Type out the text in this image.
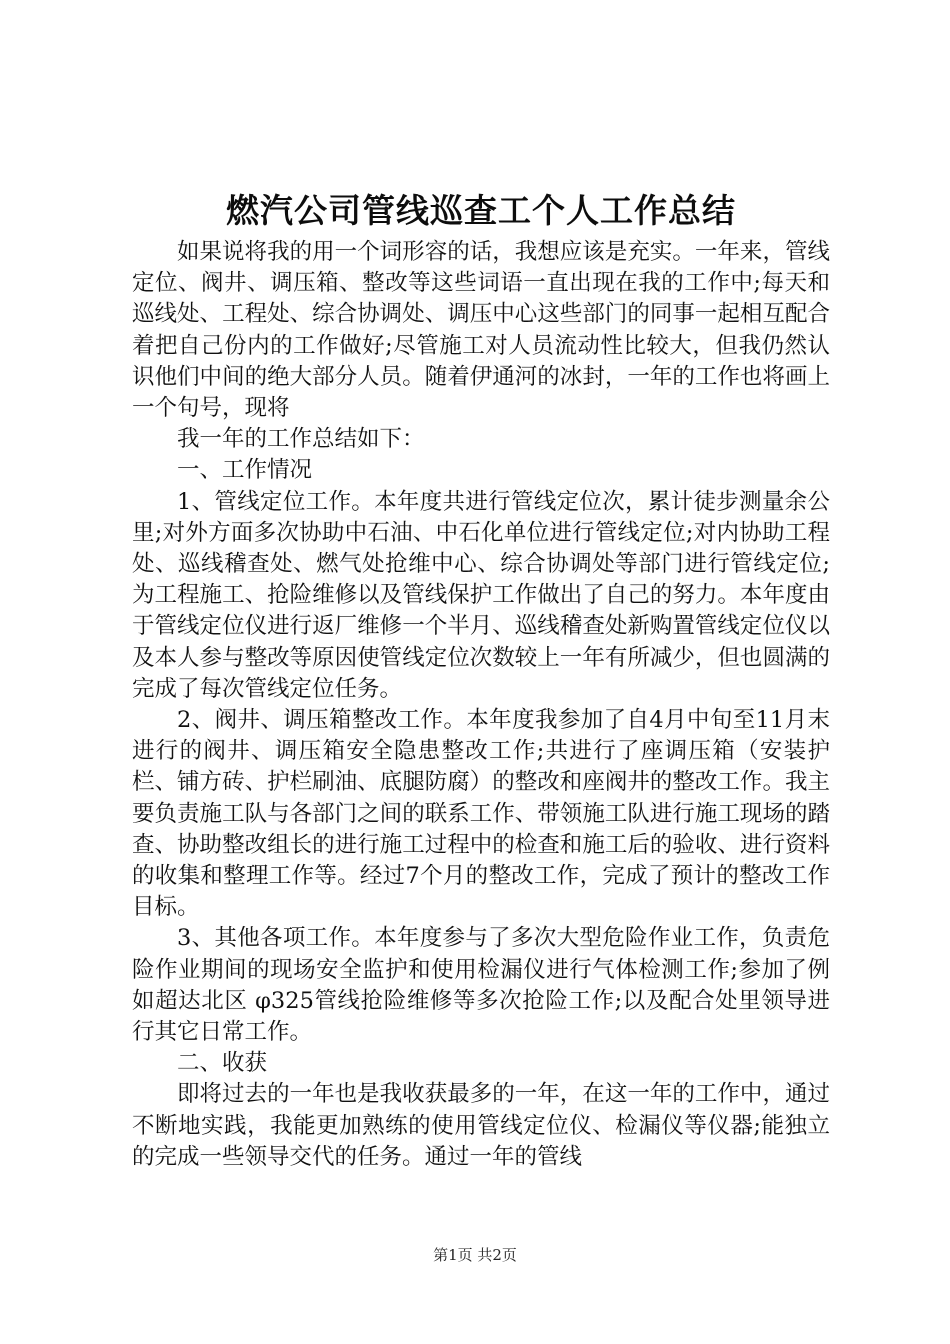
燃汽公司管线巡查工个人工作总结

如果说将我的用一个词形容的话，我想应该是充实。一年来，管线定位、阀井、调压箱、整改等这些词语一直出现在我的工作中;每天和巡线处、工程处、综合协调处、调压中心这些部门的同事一起相互配合着把自己份内的工作做好;尽管施工对人员流动性比较大，但我仍然认识他们中间的绝大部分人员。随着伊通河的冰封，一年的工作也将画上一个句号，现将

我一年的工作总结如下：

一、工作情况

1、管线定位工作。本年度共进行管线定位次，累计徒步测量余公里;对外方面多次协助中石油、中石化单位进行管线定位;对内协助工程处、巡线稽查处、燃气处抢维中心、综合协调处等部门进行管线定位;为工程施工、抢险维修以及管线保护工作做出了自己的努力。本年度由于管线定位仪进行返厂维修一个半月、巡线稽查处新购置管线定位仪以及本人参与整改等原因使管线定位次数较上一年有所减少，但也圆满的完成了每次管线定位任务。

2、阀井、调压箱整改工作。本年度我参加了自4月中旬至11月末进行的阀井、调压箱安全隐患整改工作;共进行了座调压箱（安装护栏、铺方砖、护栏刷油、底腿防腐）的整改和座阀井的整改工作。我主要负责施工队与各部门之间的联系工作、带领施工队进行施工现场的踏查、协助整改组长的进行施工过程中的检查和施工后的验收、进行资料的收集和整理工作等。经过7个月的整改工作，完成了预计的整改工作目标。

3、其他各项工作。本年度参与了多次大型危险作业工作，负责危险作业期间的现场安全监护和使用检漏仪进行气体检测工作;参加了例如超达北区 φ325管线抢险维修等多次抢险工作;以及配合处里领导进行其它日常工作。

二、收获

即将过去的一年也是我收获最多的一年，在这一年的工作中，通过不断地实践，我能更加熟练的使用管线定位仪、检漏仪等仪器;能独立的完成一些领导交代的任务。通过一年的管线

第1页 共2页
